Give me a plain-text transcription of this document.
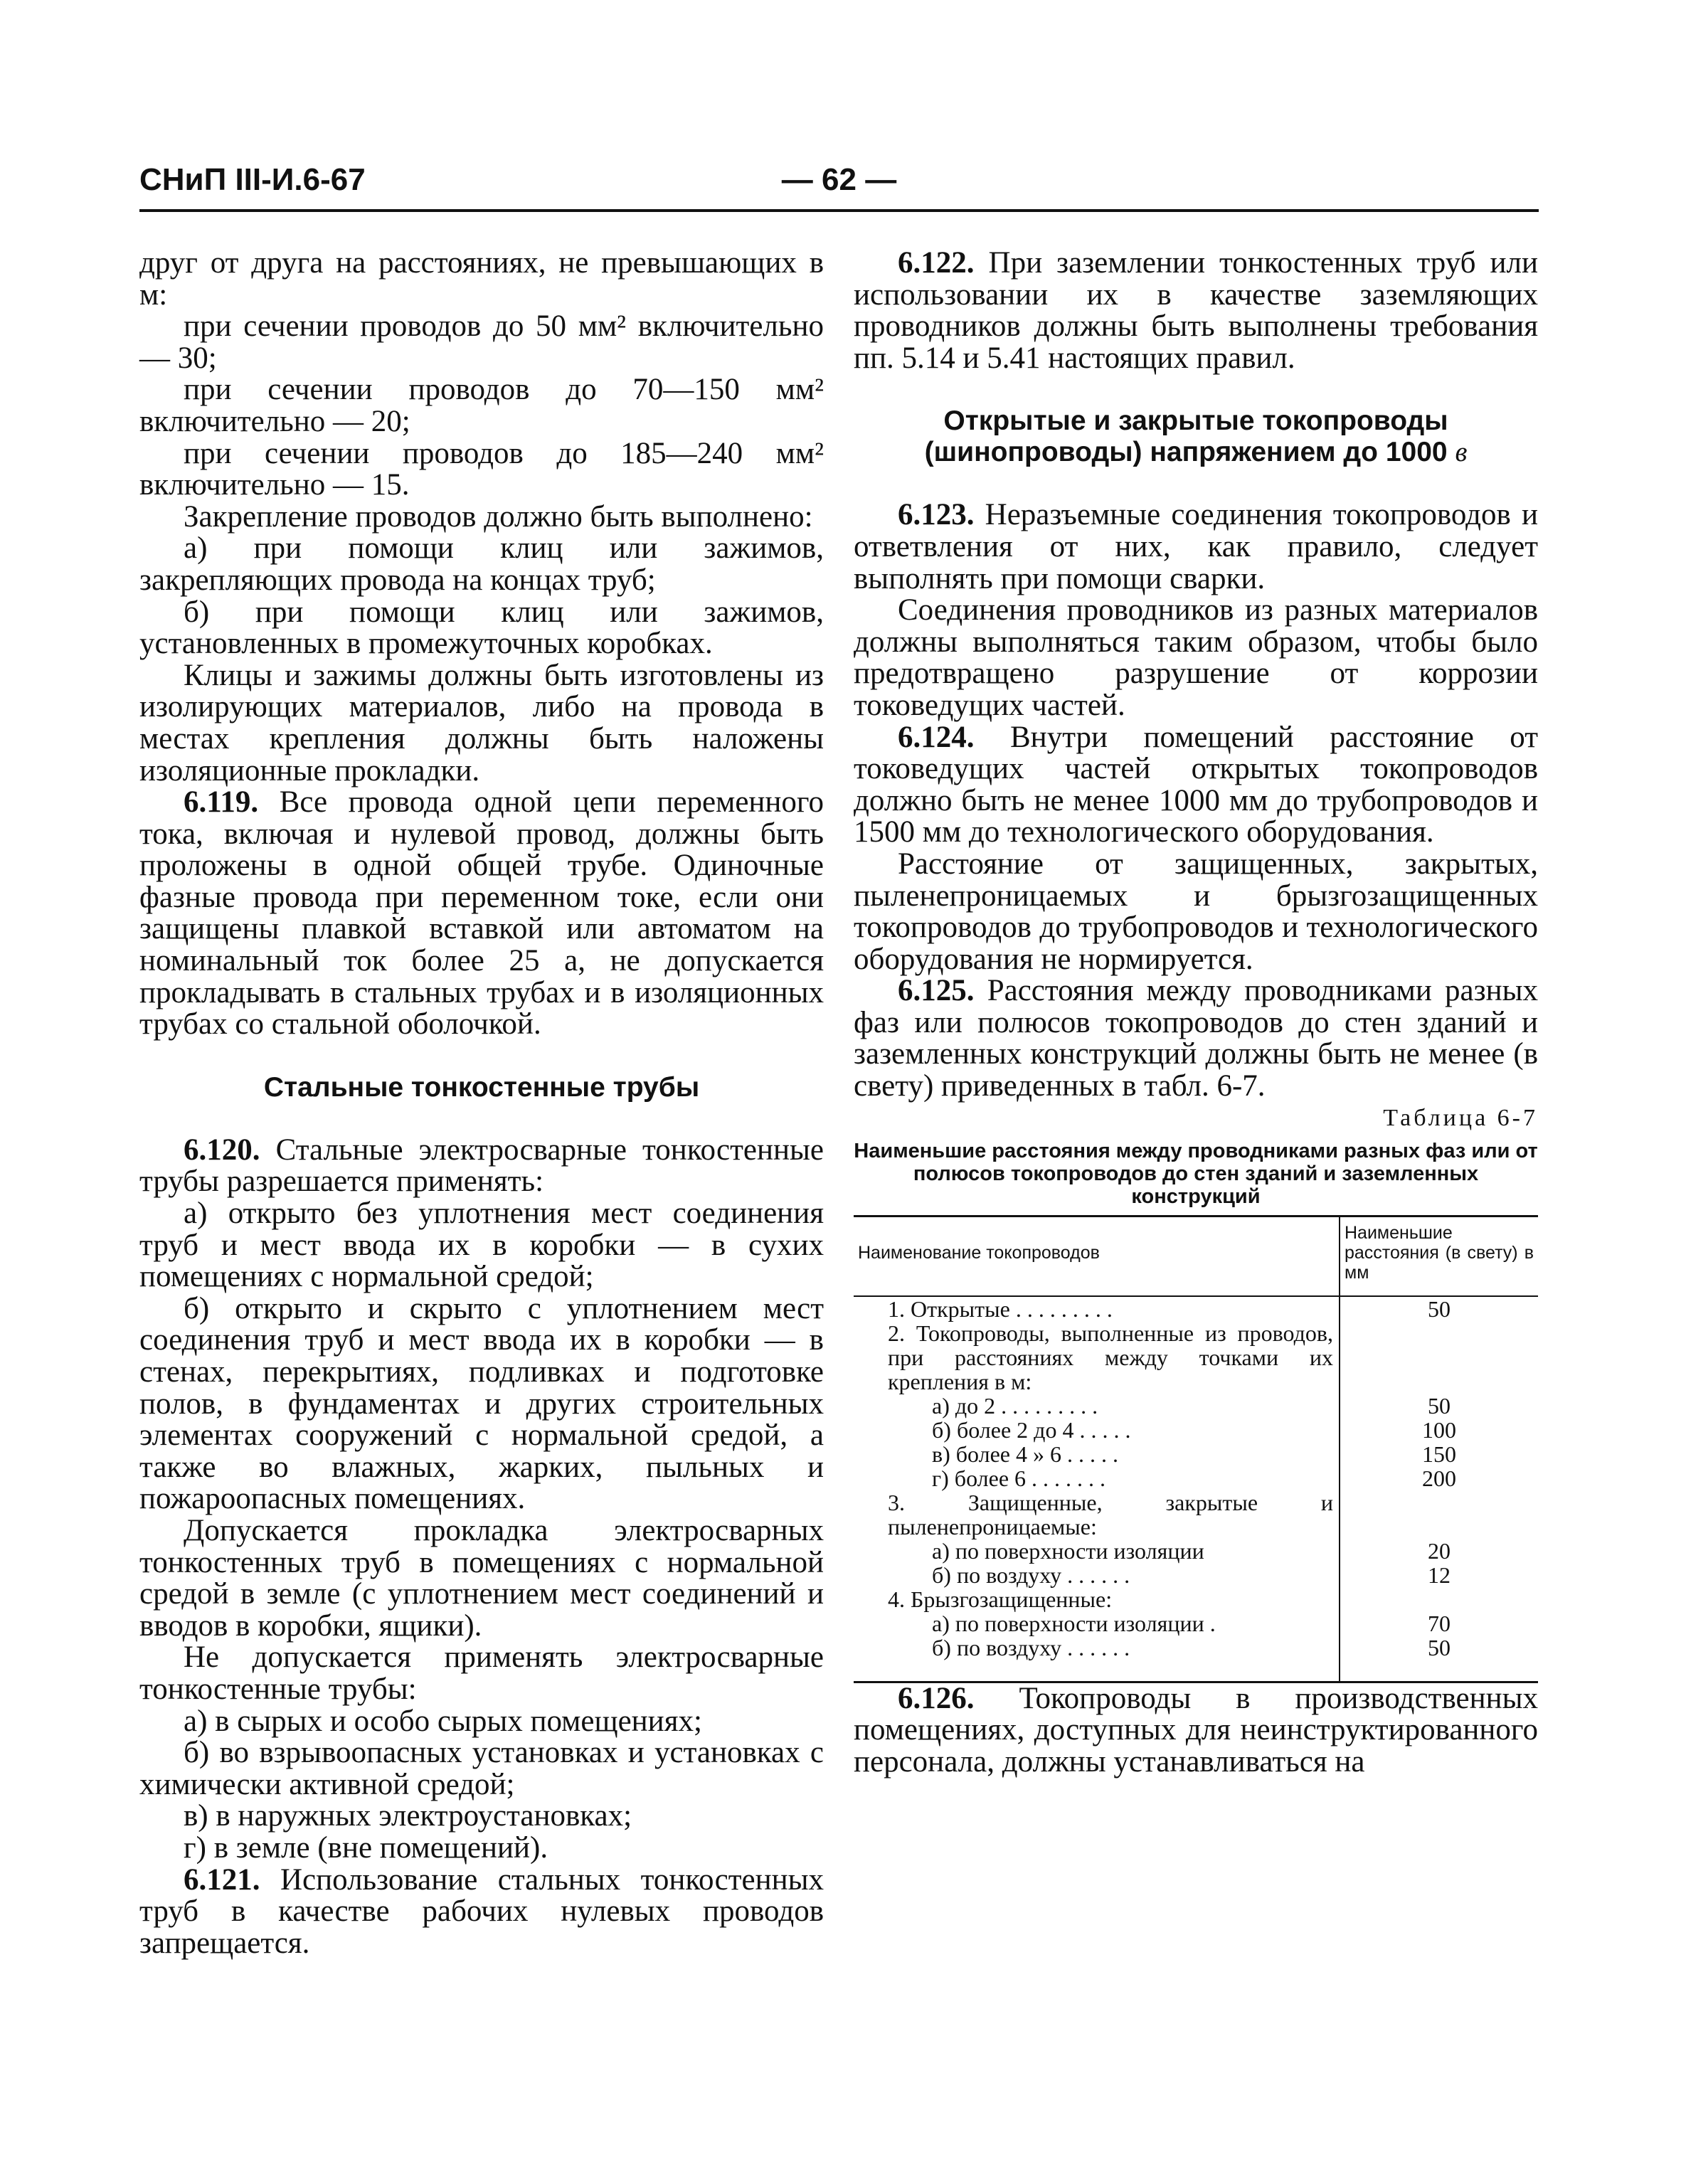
СНиП III-И.6-67	— 62 —

друг от друга на расстояниях, не превышающих в м:

при сечении проводов до 50 мм² включительно — 30;

при сечении проводов до 70—150 мм² включительно — 20;

при сечении проводов до 185—240 мм² включительно — 15.

Закрепление проводов должно быть выполнено:

а) при помощи клиц или зажимов, закрепляющих провода на концах труб;

б) при помощи клиц или зажимов, установленных в промежуточных коробках.

Клицы и зажимы должны быть изготовлены из изолирующих материалов, либо на провода в местах крепления должны быть наложены изоляционные прокладки.

6.119. Все провода одной цепи переменного тока, включая и нулевой провод, должны быть проложены в одной общей трубе. Одиночные фазные провода при переменном токе, если они защищены плавкой вставкой или автоматом на номинальный ток более 25 а, не допускается прокладывать в стальных трубах и в изоляционных трубах со стальной оболочкой.

Стальные тонкостенные трубы

6.120. Стальные электросварные тонкостенные трубы разрешается применять:

а) открыто без уплотнения мест соединения труб и мест ввода их в коробки — в сухих помещениях с нормальной средой;

б) открыто и скрыто с уплотнением мест соединения труб и мест ввода их в коробки — в стенах, перекрытиях, подливках и подготовке полов, в фундаментах и других строительных элементах сооружений с нормальной средой, а также во влажных, жарких, пыльных и пожароопасных помещениях.

Допускается прокладка электросварных тонкостенных труб в помещениях с нормальной средой в земле (с уплотнением мест соединений и вводов в коробки, ящики).

Не допускается применять электросварные тонкостенные трубы:

а) в сырых и особо сырых помещениях;

б) во взрывоопасных установках и установках с химически активной средой;

в) в наружных электроустановках;

г) в земле (вне помещений).

6.121. Использование стальных тонкостенных труб в качестве рабочих нулевых проводов запрещается.

6.122. При заземлении тонкостенных труб или использовании их в качестве заземляющих проводников должны быть выполнены требования пп. 5.14 и 5.41 настоящих правил.

Открытые и закрытые токопроводы
(шинопроводы) напряжением до 1000 в

6.123. Неразъемные соединения токопроводов и ответвления от них, как правило, следует выполнять при помощи сварки.

Соединения проводников из разных материалов должны выполняться таким образом, чтобы было предотвращено разрушение от коррозии токоведущих частей.

6.124. Внутри помещений расстояние от токоведущих частей открытых токопроводов должно быть не менее 1000 мм до трубопроводов и 1500 мм до технологического оборудования.

Расстояние от защищенных, закрытых, пыленепроницаемых и брызгозащищенных токопроводов до трубопроводов и технологического оборудования не нормируется.

6.125. Расстояния между проводниками разных фаз или полюсов токопроводов до стен зданий и заземленных конструкций должны быть не менее (в свету) приведенных в табл. 6-7.

Таблица 6-7
Наименьшие расстояния между проводниками разных фаз или от полюсов токопроводов до стен зданий и заземленных конструкций
Наименование токопроводов	Наименьшие расстояния (в свету) в мм
1. Открытые . . . . . . . . .	50
2. Токопроводы, выполненные из проводов, при расстояниях между точками их крепления в м:	
а) до 2 . . . . . . . . .	50
б) более 2 до 4 . . . . .	100
в) более 4 » 6 . . . . .	150
г) более 6 . . . . . . .	200
3. Защищенные, закрытые и пыленепроницаемые:	
а) по поверхности изоляции	20
б) по воздуху . . . . . .	12
4. Брызгозащищенные:	
а) по поверхности изоляции .	70
б) по воздуху . . . . . .	50

6.126. Токопроводы в производственных помещениях, доступных для неинструктированного персонала, должны устанавливаться на
